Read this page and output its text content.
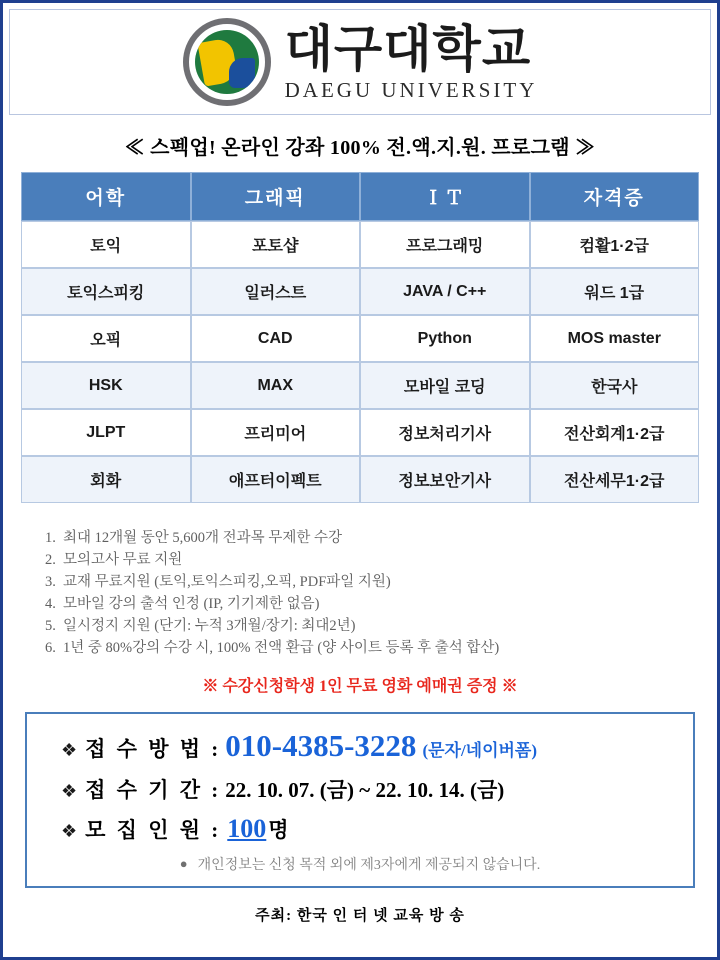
대구대학교
DAEGU UNIVERSITY
≪ 스펙업! 온라인 강좌 100% 전.액.지.원. 프로그램 ≫
어학	그래픽	ＩＴ	자격증
토익	포토샵	프로그래밍	컴활1·2급
토익스피킹	일러스트	JAVA / C++	워드 1급
오픽	CAD	Python	MOS master
HSK	MAX	모바일 코딩	한국사
JLPT	프리미어	정보처리기사	전산회계1·2급
회화	애프터이펙트	정보보안기사	전산세무1·2급
1. 최대 12개월 동안 5,600개 전과목 무제한 수강
2. 모의고사 무료 지원
3. 교재 무료지원 (토익,토익스피킹,오픽, PDF파일 지원)
4. 모바일 강의 출석 인정 (IP, 기기제한 없음)
5. 일시정지 지원 (단기: 누적 3개월/장기: 최대2년)
6. 1년 중 80%강의 수강 시, 100% 전액 환급 (양 사이트 등록 후 출석 합산)
※ 수강신청학생 1인 무료 영화 예매권 증정 ※
❖ 접 수 방 법 : 010-4385-3228 (문자/네이버폼)
❖ 접 수 기 간 : 22. 10. 07. (금) ~ 22. 10. 14. (금)
❖ 모 집 인 원 : 100 명
● 개인정보는 신청 목적 외에 제3자에게 제공되지 않습니다.
주최: 한국 인 터 넷 교육 방 송
